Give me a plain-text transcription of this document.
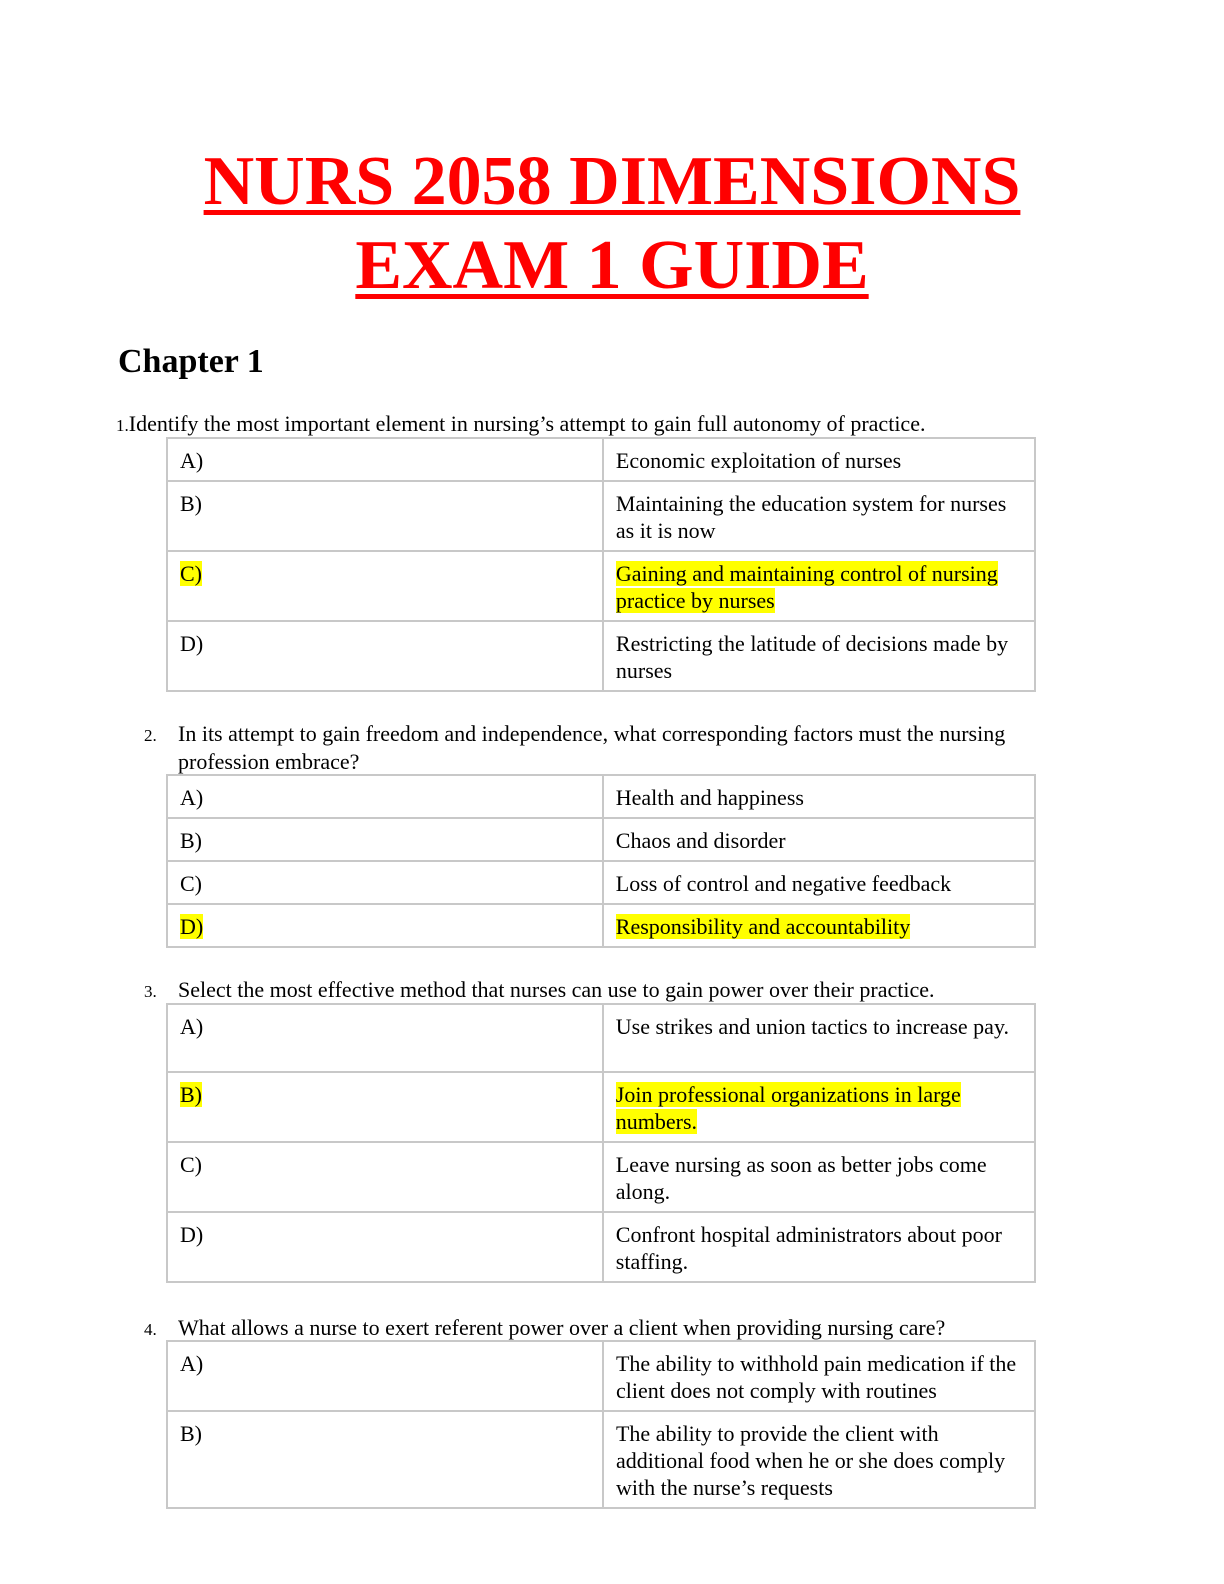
NURS 2058 DIMENSIONS
EXAM 1 GUIDE
Chapter 1

1.Identify the most important element in nursing’s attempt to gain full autonomy of practice.

A)	Economic exploitation of nurses
B)	Maintaining the education system for nurses as it is now
C)	Gaining and maintaining control of nursing practice by nurses
D)	Restricting the latitude of decisions made by nurses

2. In its attempt to gain freedom and independence, what corresponding factors must the nursing profession embrace?

A)	Health and happiness
B)	Chaos and disorder
C)	Loss of control and negative feedback
D)	Responsibility and accountability

3. Select the most effective method that nurses can use to gain power over their practice.

A)	Use strikes and union tactics to increase pay.
B)	Join professional organizations in large numbers.
C)	Leave nursing as soon as better jobs come along.
D)	Confront hospital administrators about poor staffing.

4. What allows a nurse to exert referent power over a client when providing nursing care?

A)	The ability to withhold pain medication if the client does not comply with routines
B)	The ability to provide the client with additional food when he or she does comply with the nurse’s requests
